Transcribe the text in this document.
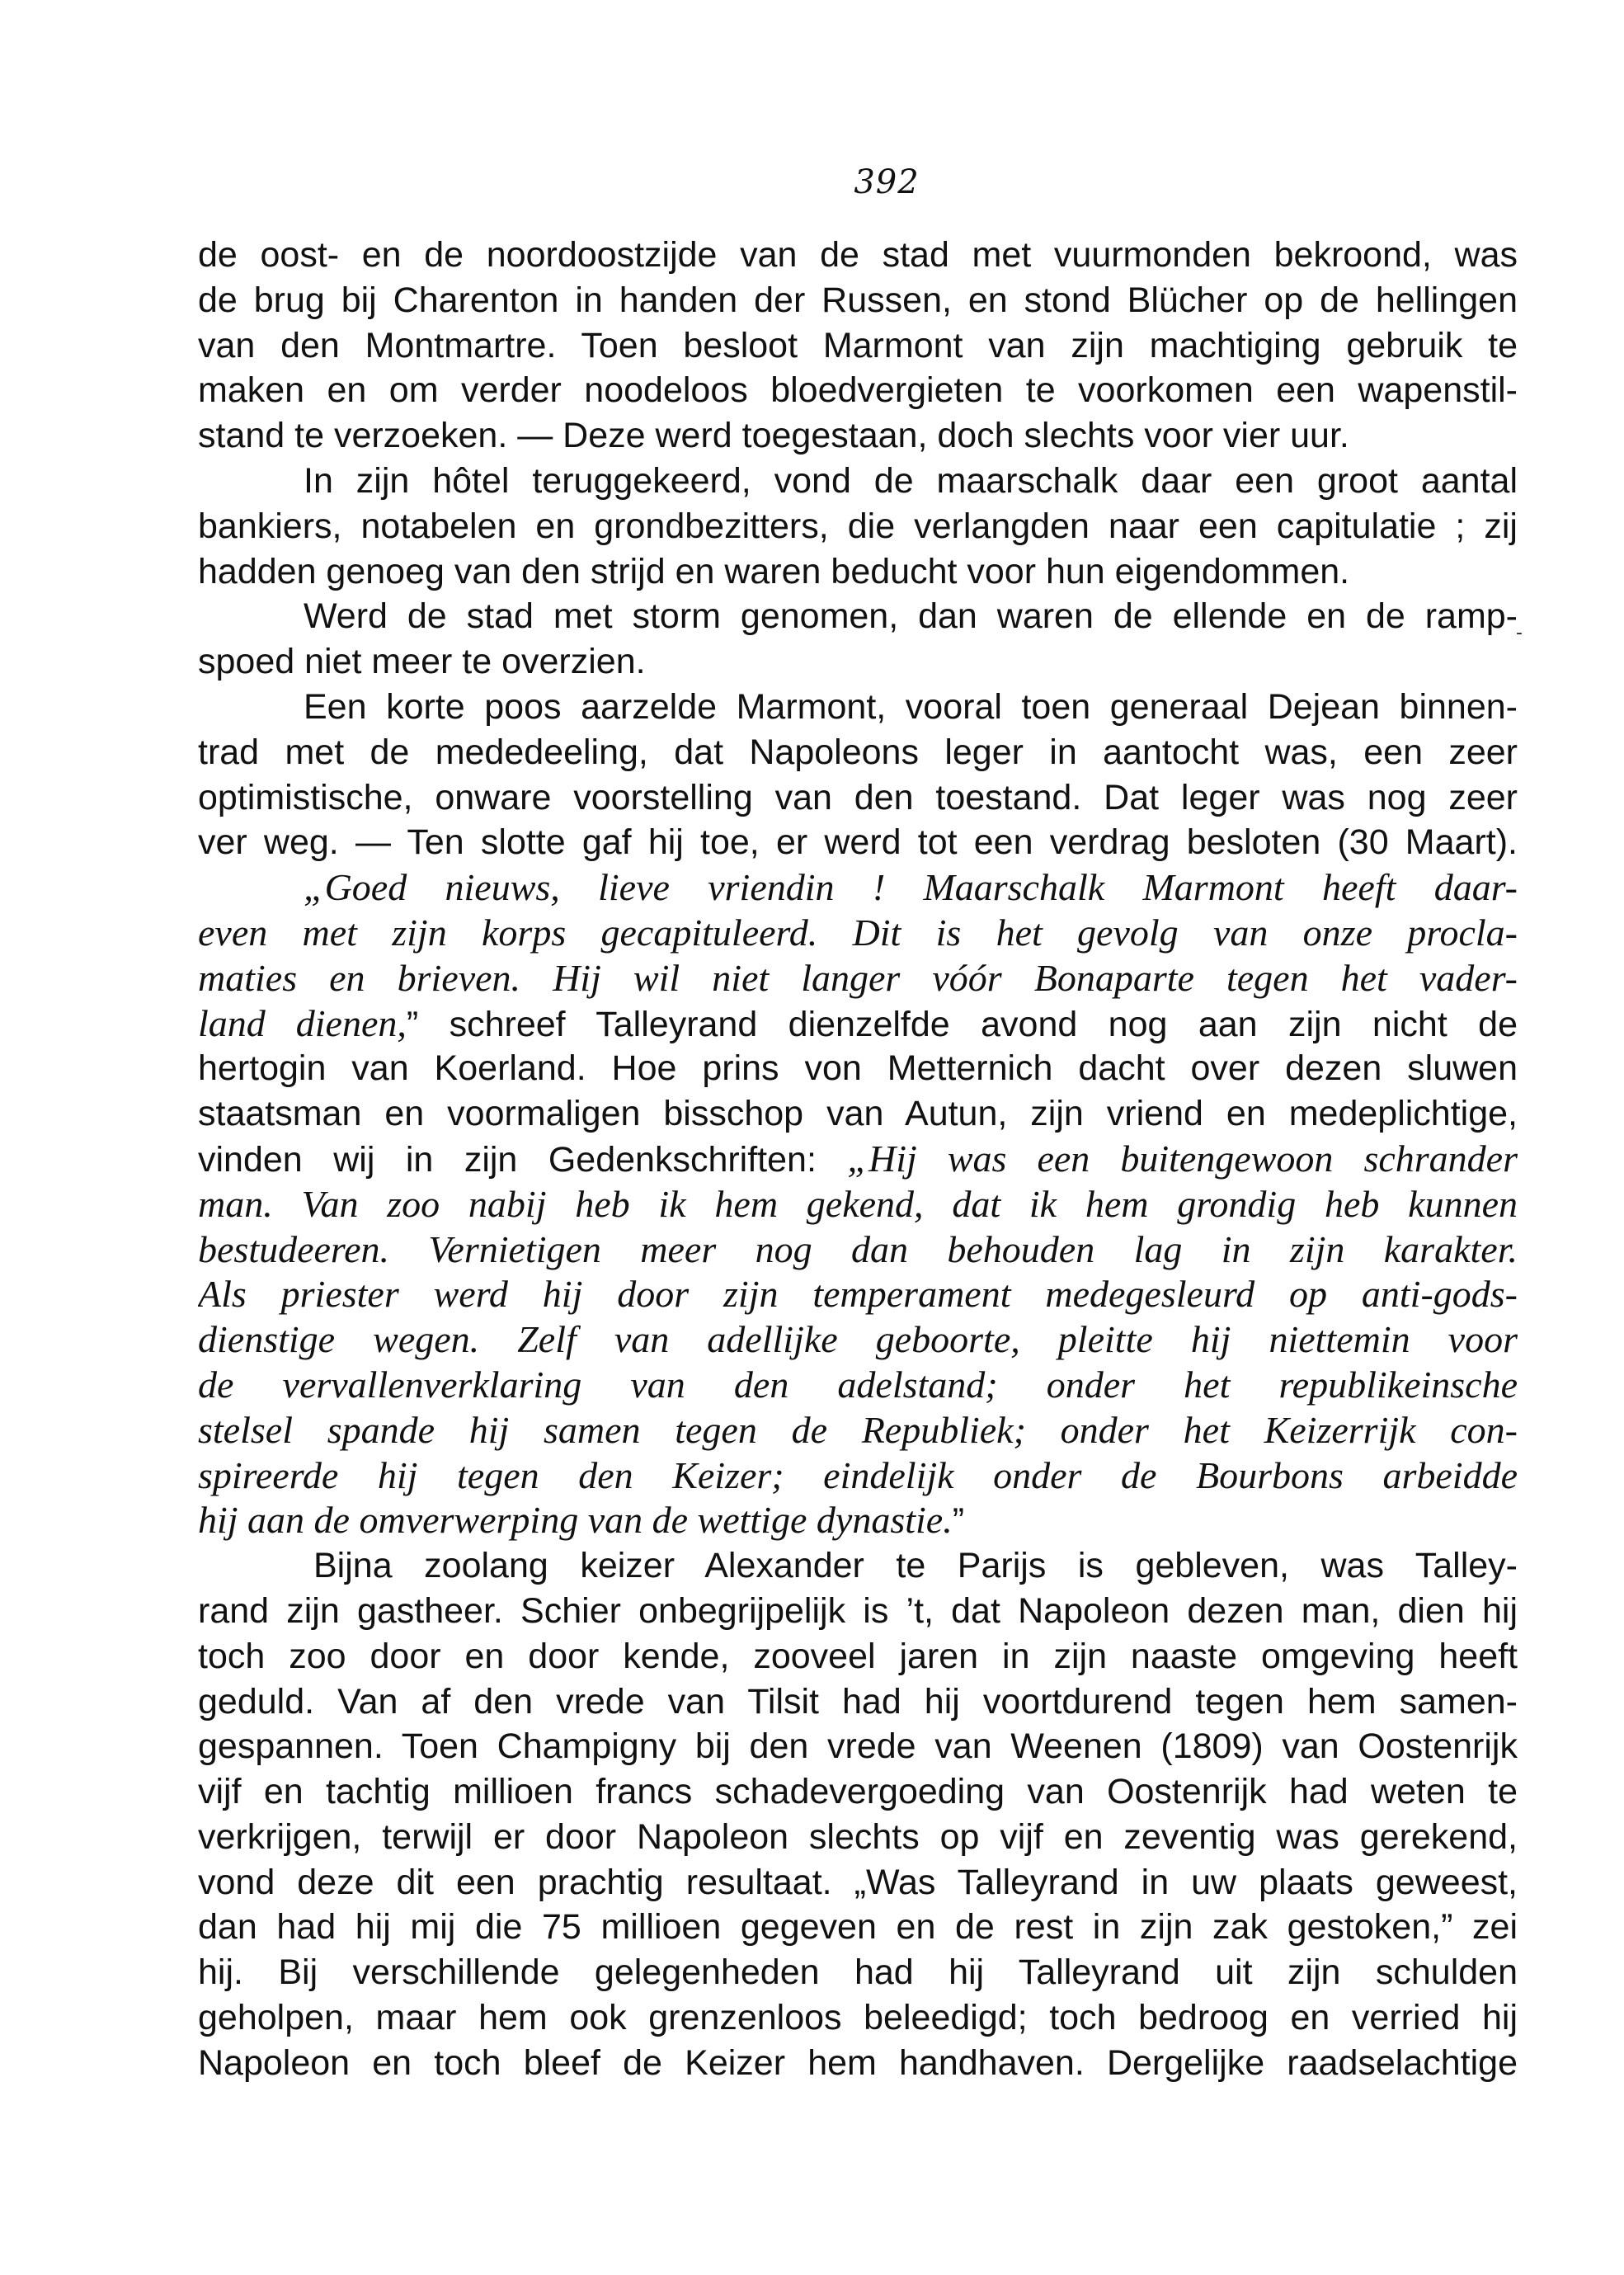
392
-
de oost- en de noordoostzijde van de stad met vuurmonden bekroond, was
de brug bij Charenton in handen der Russen, en stond Blücher op de hellingen
van den Montmartre. Toen besloot Marmont van zijn machtiging gebruik te
maken en om verder noodeloos bloedvergieten te voorkomen een wapenstil-
stand te verzoeken. — Deze werd toegestaan, doch slechts voor vier uur.
In zijn hôtel teruggekeerd, vond de maarschalk daar een groot aantal
bankiers, notabelen en grondbezitters, die verlangden naar een capitulatie ; zij
hadden genoeg van den strijd en waren beducht voor hun eigendommen.
Werd de stad met storm genomen, dan waren de ellende en de ramp-
spoed niet meer te overzien.
Een korte poos aarzelde Marmont, vooral toen generaal Dejean binnen-
trad met de mededeeling, dat Napoleons leger in aantocht was, een zeer
optimistische, onware voorstelling van den toestand. Dat leger was nog zeer
ver weg. — Ten slotte gaf hij toe, er werd tot een verdrag besloten (30 Maart).
„Goed nieuws, lieve vriendin ! Maarschalk Marmont heeft daar-
even met zijn korps gecapituleerd. Dit is het gevolg van onze procla-
maties en brieven. Hij wil niet langer vóór Bonaparte tegen het vader-
land dienen,” schreef Talleyrand dienzelfde avond nog aan zijn nicht de
hertogin van Koerland. Hoe prins von Metternich dacht over dezen sluwen
staatsman en voormaligen bisschop van Autun, zijn vriend en medeplichtige,
vinden wij in zijn Gedenkschriften: „Hij was een buitengewoon schrander
man. Van zoo nabij heb ik hem gekend, dat ik hem grondig heb kunnen
bestudeeren. Vernietigen meer nog dan behouden lag in zijn karakter.
Als priester werd hij door zijn temperament medegesleurd op anti-gods-
dienstige wegen. Zelf van adellijke geboorte, pleitte hij niettemin voor
de vervallenverklaring van den adelstand; onder het republikeinsche
stelsel spande hij samen tegen de Republiek; onder het Keizerrijk con-
spireerde hij tegen den Keizer; eindelijk onder de Bourbons arbeidde
hij aan de omverwerping van de wettige dynastie.”
Bijna zoolang keizer Alexander te Parijs is gebleven, was Talley-
rand zijn gastheer. Schier onbegrijpelijk is ’t, dat Napoleon dezen man, dien hij
toch zoo door en door kende, zooveel jaren in zijn naaste omgeving heeft
geduld. Van af den vrede van Tilsit had hij voortdurend tegen hem samen-
gespannen. Toen Champigny bij den vrede van Weenen (1809) van Oostenrijk
vijf en tachtig millioen francs schadevergoeding van Oostenrijk had weten te
verkrijgen, terwijl er door Napoleon slechts op vijf en zeventig was gerekend,
vond deze dit een prachtig resultaat. „Was Talleyrand in uw plaats geweest,
dan had hij mij die 75 millioen gegeven en de rest in zijn zak gestoken,” zei
hij. Bij verschillende gelegenheden had hij Talleyrand uit zijn schulden
geholpen, maar hem ook grenzenloos beleedigd; toch bedroog en verried hij
Napoleon en toch bleef de Keizer hem handhaven. Dergelijke raadselachtige
